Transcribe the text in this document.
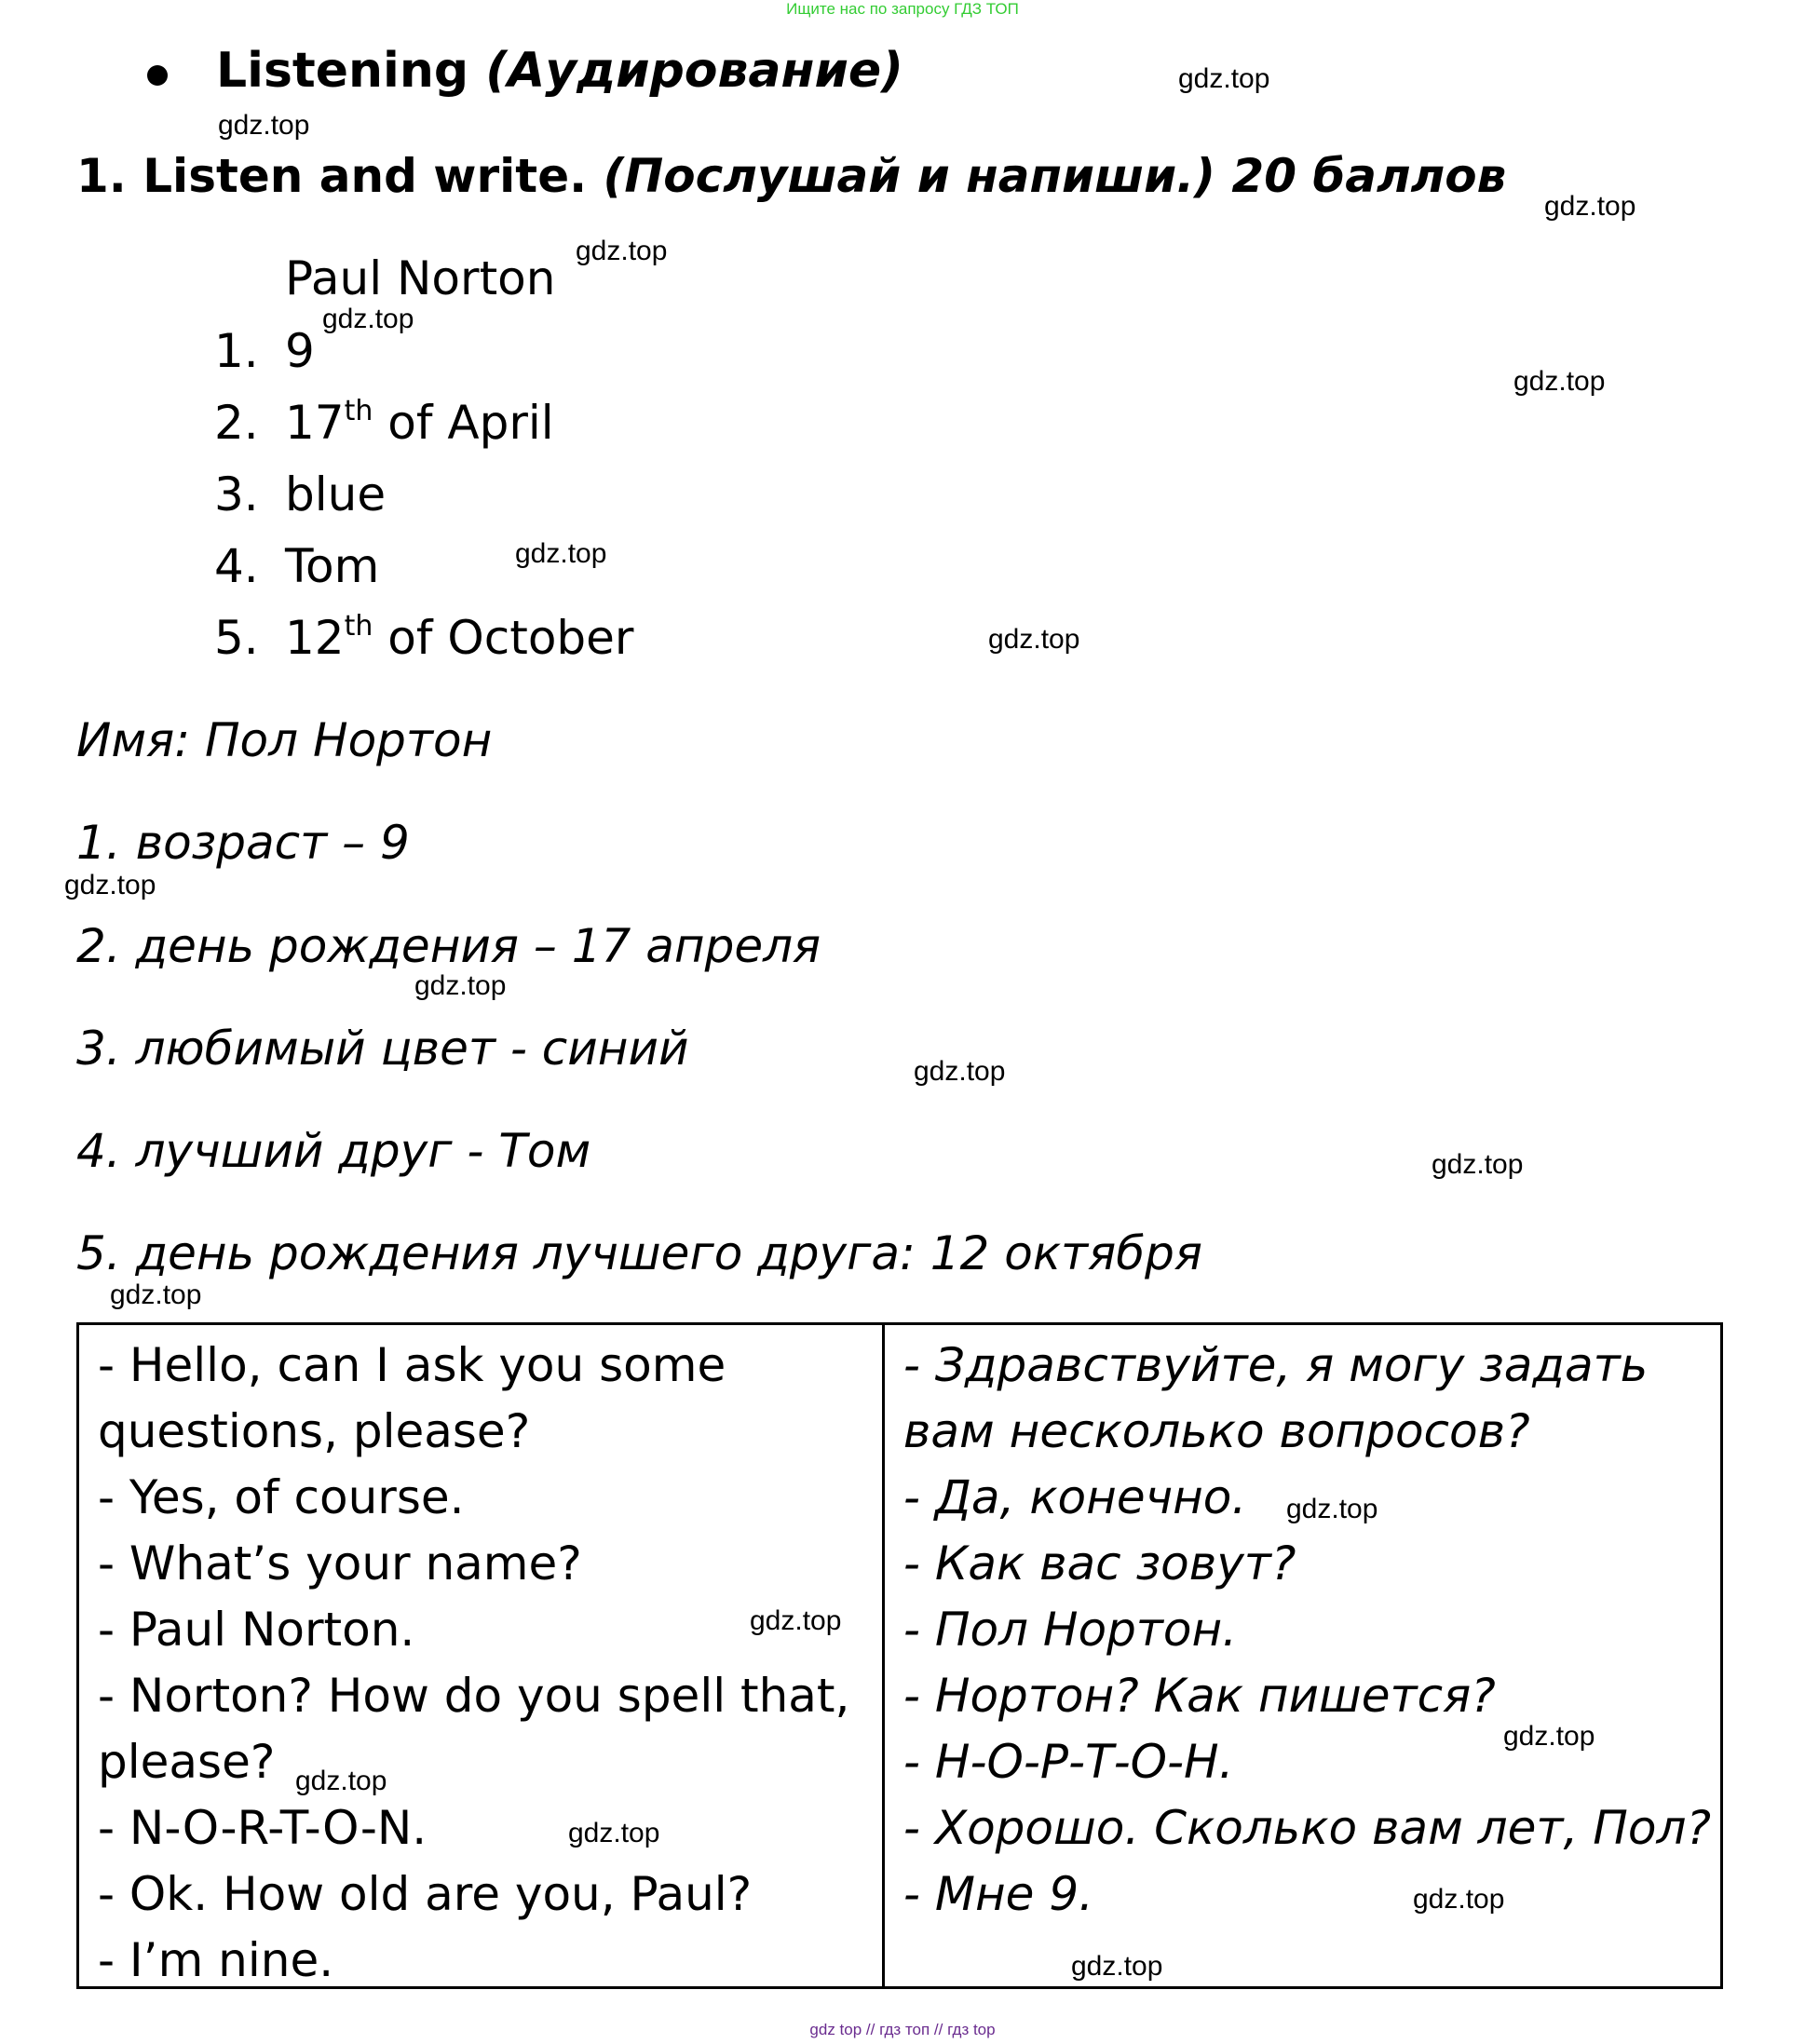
Ищите нас по запросу ГДЗ ТОП
Listening (Аудирование)
1. Listen and write. (Послушай и напиши.) 20 баллов
Paul Norton
1. 9
2. 17th of April
3. blue
4. Tom
5. 12th of October
Имя: Пол Нортон
1. возраст – 9
2. день рождения – 17 апреля
3. любимый цвет - синий
4. лучший друг - Том
5. день рождения лучшего друга: 12 октября
- Hello, can I ask you some
questions, please?
- Yes, of course.
- What’s your name?
- Paul Norton.
- Norton? How do you spell that,
please?
- N-O-R-T-O-N.
- Ok. How old are you, Paul?
- I’m nine.
- Здравствуйте, я могу задать
вам несколько вопросов?
- Да, конечно.
- Как вас зовут?
- Пол Нортон.
- Нортон? Как пишется?
- Н-О-Р-Т-О-Н.
- Хорошо. Сколько вам лет, Пол?
- Мне 9.
gdz.top
gdz.top
gdz.top
gdz.top
gdz.top
gdz.top
gdz.top
gdz.top
gdz.top
gdz.top
gdz.top
gdz.top
gdz.top
gdz.top
gdz.top
gdz.top
gdz.top
gdz.top
gdz.top
gdz.top
gdz top // гдз топ // гдз top
